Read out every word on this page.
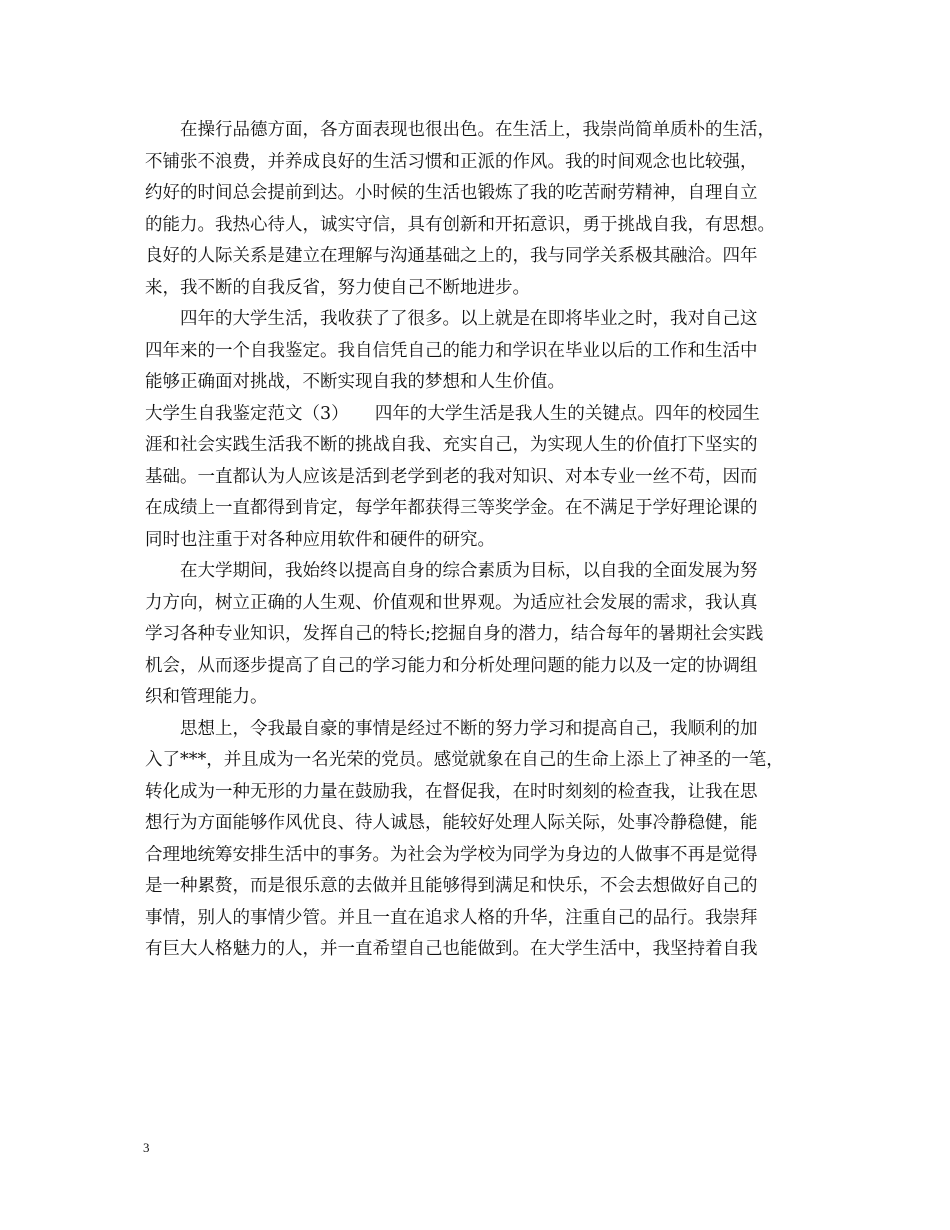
　　在操行品德方面，各方面表现也很出色。在生活上，我崇尚简单质朴的生活，
不铺张不浪费，并养成良好的生活习惯和正派的作风。我的时间观念也比较强，
约好的时间总会提前到达。小时候的生活也锻炼了我的吃苦耐劳精神，自理自立
的能力。我热心待人，诚实守信，具有创新和开拓意识，勇于挑战自我，有思想。
良好的人际关系是建立在理解与沟通基础之上的，我与同学关系极其融洽。四年
来，我不断的自我反省，努力使自己不断地进步。
　　四年的大学生活，我收获了了很多。以上就是在即将毕业之时，我对自己这
四年来的一个自我鉴定。我自信凭自己的能力和学识在毕业以后的工作和生活中
能够正确面对挑战，不断实现自我的梦想和人生价值。
大学生自我鉴定范文（3）　　四年的大学生活是我人生的关键点。四年的校园生
涯和社会实践生活我不断的挑战自我、充实自己，为实现人生的价值打下坚实的
基础。一直都认为人应该是活到老学到老的我对知识、对本专业一丝不苟，因而
在成绩上一直都得到肯定，每学年都获得三等奖学金。在不满足于学好理论课的
同时也注重于对各种应用软件和硬件的研究。
　　在大学期间，我始终以提高自身的综合素质为目标，以自我的全面发展为努
力方向，树立正确的人生观、价值观和世界观。为适应社会发展的需求，我认真
学习各种专业知识，发挥自己的特长;挖掘自身的潜力，结合每年的暑期社会实践
机会，从而逐步提高了自己的学习能力和分析处理问题的能力以及一定的协调组
织和管理能力。
　　思想上，令我最自豪的事情是经过不断的努力学习和提高自己，我顺利的加
入了***，并且成为一名光荣的党员。感觉就象在自己的生命上添上了神圣的一笔，
转化成为一种无形的力量在鼓励我，在督促我，在时时刻刻的检查我，让我在思
想行为方面能够作风优良、待人诚恳，能较好处理人际关际，处事冷静稳健，能
合理地统筹安排生活中的事务。为社会为学校为同学为身边的人做事不再是觉得
是一种累赘，而是很乐意的去做并且能够得到满足和快乐，不会去想做好自己的
事情，别人的事情少管。并且一直在追求人格的升华，注重自己的品行。我崇拜
有巨大人格魅力的人，并一直希望自己也能做到。在大学生活中，我坚持着自我
3
